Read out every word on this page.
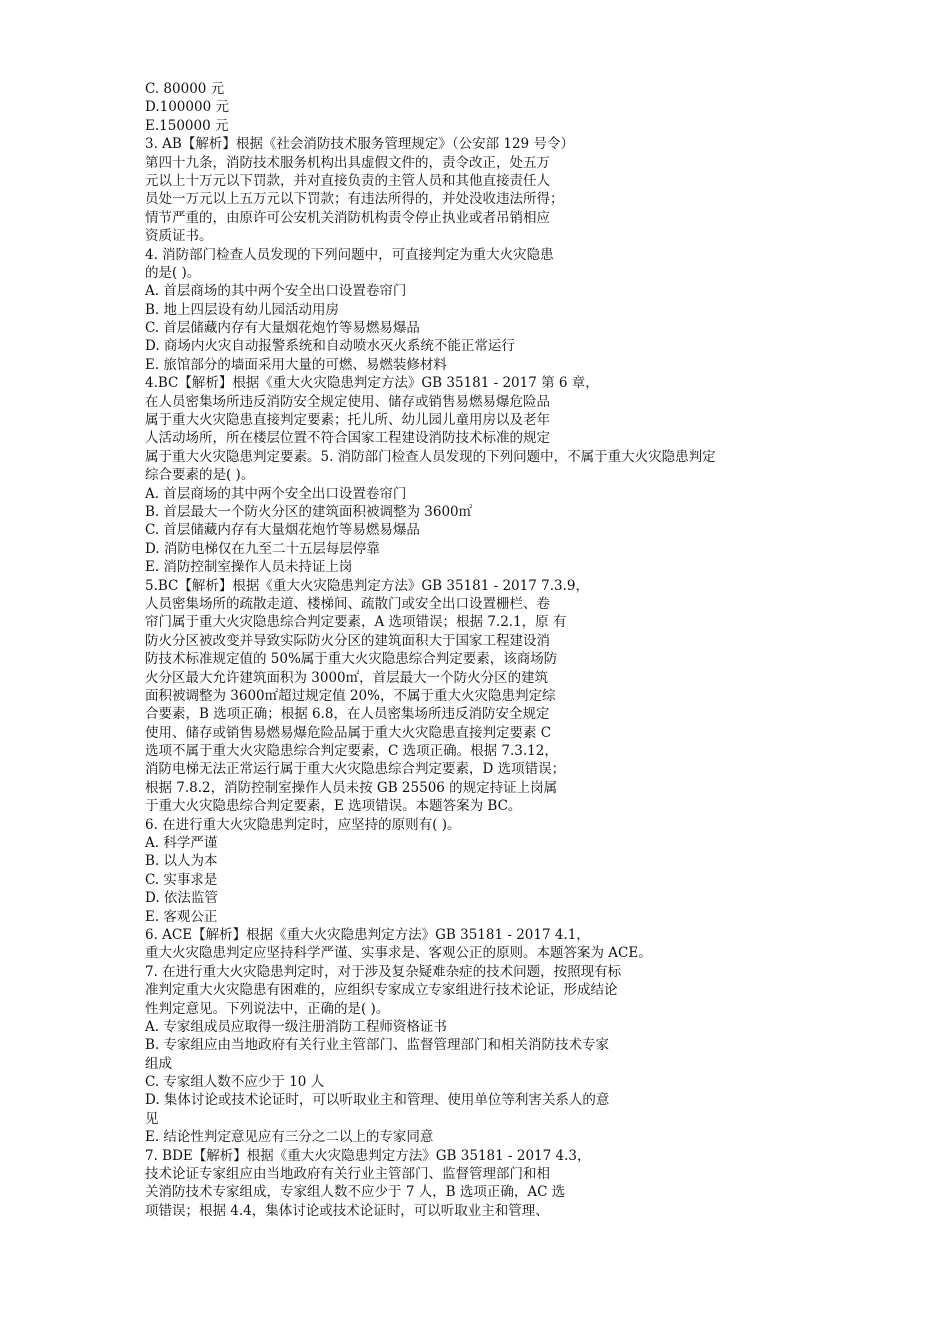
C. 80000 元
D.100000 元
E.150000 元
3. AB【解析】根据《社会消防技术服务管理规定》（公安部 129 号令）
第四十九条，消防技术服务机构出具虚假文件的，责令改正，处五万
元以上十万元以下罚款，并对直接负责的主管人员和其他直接责任人
员处一万元以上五万元以下罚款；有违法所得的，并处没收违法所得；
情节严重的，由原许可公安机关消防机构责令停止执业或者吊销相应
资质证书。
4. 消防部门检查人员发现的下列问题中，可直接判定为重大火灾隐患
的是( )。
A. 首层商场的其中两个安全出口设置卷帘门
B. 地上四层设有幼儿园活动用房
C. 首层储藏内存有大量烟花炮竹等易燃易爆品
D. 商场内火灾自动报警系统和自动喷水灭火系统不能正常运行
E. 旅馆部分的墙面采用大量的可燃、易燃装修材料
4.BC【解析】根据《重大火灾隐患判定方法》GB 35181 - 2017 第 6 章，
在人员密集场所违反消防安全规定使用、储存或销售易燃易爆危险品
属于重大火灾隐患直接判定要素；托儿所、幼儿园儿童用房以及老年
人活动场所，所在楼层位置不符合国家工程建设消防技术标准的规定
属于重大火灾隐患判定要素。5. 消防部门检查人员发现的下列问题中，不属于重大火灾隐患判定
综合要素的是( )。
A. 首层商场的其中两个安全出口设置卷帘门
B. 首层最大一个防火分区的建筑面积被调整为 3600㎡
C. 首层储藏内存有大量烟花炮竹等易燃易爆品
D. 消防电梯仅在九至二十五层每层停靠
E. 消防控制室操作人员未持证上岗
5.BC【解析】根据《重大火灾隐患判定方法》GB 35181 - 2017 7.3.9，
人员密集场所的疏散走道、楼梯间、疏散门或安全出口设置栅栏、卷
帘门属于重大火灾隐患综合判定要素，A 选项错误；根据 7.2.1，原 有
防火分区被改变并导致实际防火分区的建筑面积大于国家工程建设消
防技术标准规定值的 50%属于重大火灾隐患综合判定要素，该商场防
火分区最大允许建筑面积为 3000㎡，首层最大一个防火分区的建筑
面积被调整为 3600㎡超过规定值 20%，不属于重大火灾隐患判定综
合要素，B 选项正确；根据 6.8，在人员密集场所违反消防安全规定
使用、储存或销售易燃易爆危险品属于重大火灾隐患直接判定要素 C
选项不属于重大火灾隐患综合判定要素，C 选项正确。根据 7.3.12，
消防电梯无法正常运行属于重大火灾隐患综合判定要素，D 选项错误；
根据 7.8.2，消防控制室操作人员未按 GB 25506 的规定持证上岗属
于重大火灾隐患综合判定要素，E 选项错误。本题答案为 BC。
6. 在进行重大火灾隐患判定时，应坚持的原则有( )。
A. 科学严谨
B. 以人为本
C. 实事求是
D. 依法监管
E. 客观公正
6. ACE【解析】根据《重大火灾隐患判定方法》GB 35181 - 2017 4.1，
重大火灾隐患判定应坚持科学严谨、实事求是、客观公正的原则。本题答案为 ACE。
7. 在进行重大火灾隐患判定时，对于涉及复杂疑难杂症的技术问题，按照现有标
准判定重大火灾隐患有困难的，应组织专家成立专家组进行技术论证，形成结论
性判定意见。下列说法中，正确的是( )。
A. 专家组成员应取得一级注册消防工程师资格证书
B. 专家组应由当地政府有关行业主管部门、监督管理部门和相关消防技术专家
组成
C. 专家组人数不应少于 10 人
D. 集体讨论或技术论证时，可以听取业主和管理、使用单位等利害关系人的意
见
E. 结论性判定意见应有三分之二以上的专家同意
7. BDE【解析】根据《重大火灾隐患判定方法》GB 35181 - 2017 4.3，
技术论证专家组应由当地政府有关行业主管部门、监督管理部门和相
关消防技术专家组成，专家组人数不应少于 7 人，B 选项正确，AC 选
项错误；根据 4.4，集体讨论或技术论证时，可以听取业主和管理、
